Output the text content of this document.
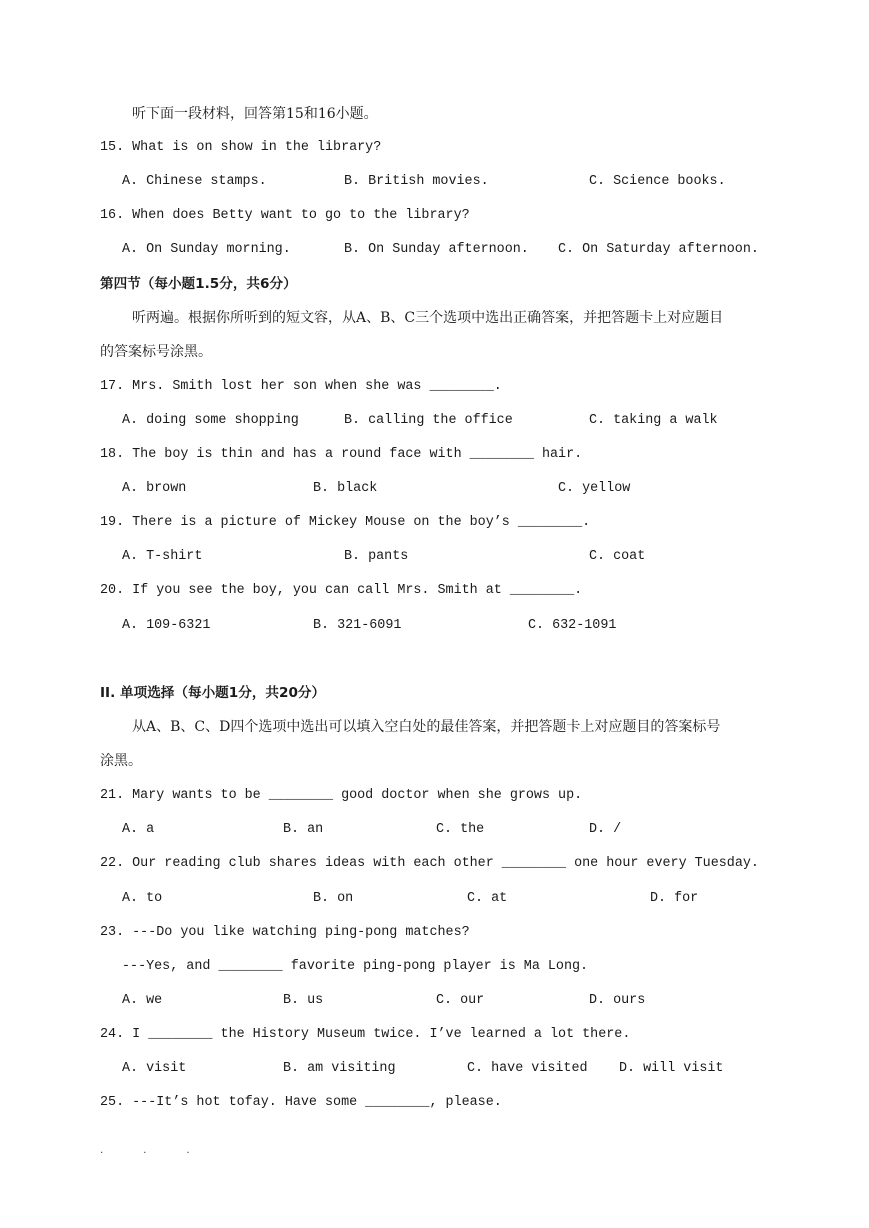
听下面一段材料，回答第15和16小题。
15. What is on show in the library?
A. Chinese stamps.	B. British movies.	C. Science books.
16. When does Betty want to go to the library?
A. On Sunday morning.	B. On Sunday afternoon. C. On Saturday afternoon.
第四节（每小题1.5分，共6分）
听两遍。根据你所听到的短文容，从A、B、C三个选项中选出正确答案，并把答题卡上对应题目
的答案标号涂黑。
17. Mrs. Smith lost her son when she was ________.
A. doing some shopping	B. calling the office	C. taking a walk
18. The boy is thin and has a round face with ________ hair.
A. brown	B. black	C. yellow
19. There is a picture of Mickey Mouse on the boy’s ________.
A. T-shirt	B. pants	C. coat
20. If you see the boy, you can call Mrs. Smith at ________.
A. 109-6321	B. 321-6091	C. 632-1091
II. 单项选择（每小题1分，共20分）
从A、B、C、D四个选项中选出可以填入空白处的最佳答案，并把答题卡上对应题目的答案标号
涂黑。
21. Mary wants to be ________ good doctor when she grows up.
A. a	B. an	C. the	D. /
22. Our reading club shares ideas with each other ________ one hour every Tuesday.
A. to	B. on	C. at	D. for
23. ---Do you like watching ping-pong matches?
---Yes, and ________ favorite ping-pong player is Ma Long.
A. we	B. us	C. our	D. ours
24. I ________ the History Museum twice. I’ve learned a lot there.
A. visit	B. am visiting	C. have visited D. will visit
25. ---It’s hot tofay. Have some ________, please.
...
